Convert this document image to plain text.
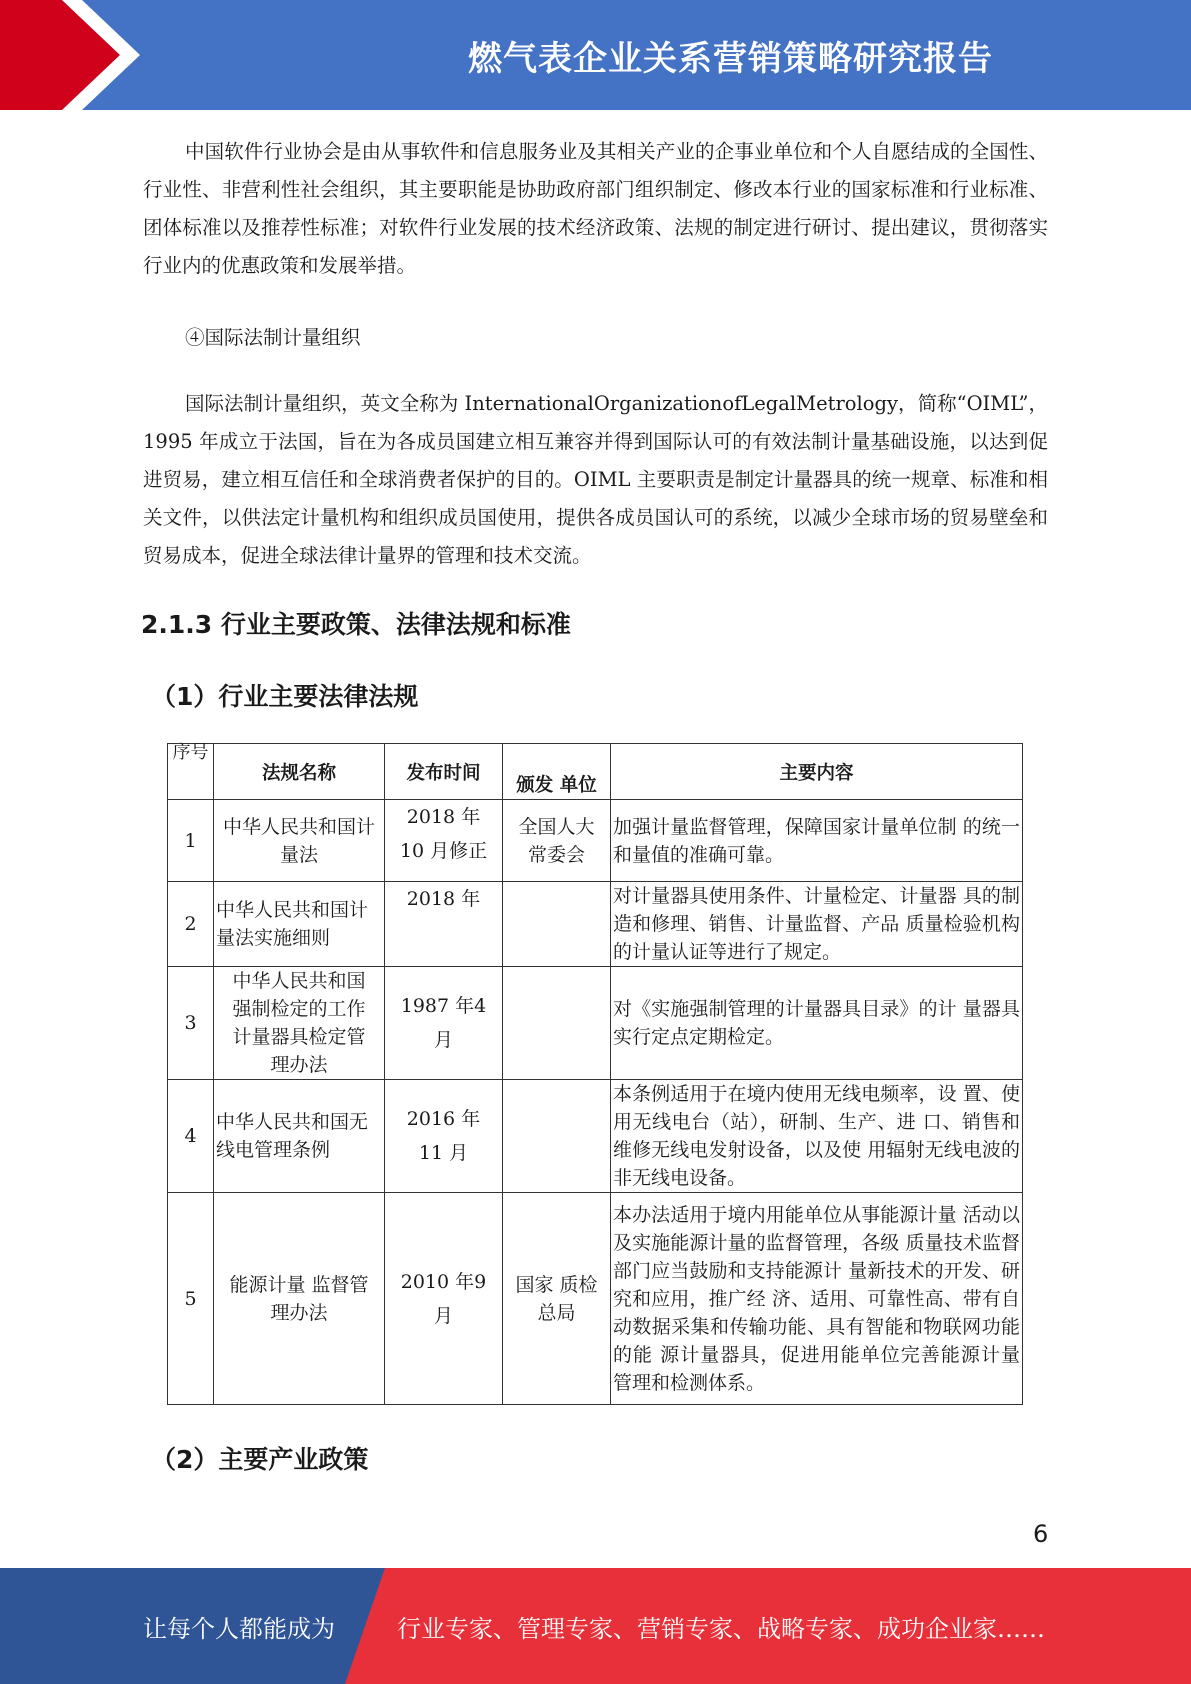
燃气表企业关系营销策略研究报告
中国软件行业协会是由从事软件和信息服务业及其相关产业的企事业单位和个人自愿结成的全国性、行业性、非营利性社会组织，其主要职能是协助政府部门组织制定、修改本行业的国家标准和行业标准、团体标准以及推荐性标准；对软件行业发展的技术经济政策、法规的制定进行研讨、提出建议，贯彻落实行业内的优惠政策和发展举措。
④国际法制计量组织
国际法制计量组织，英文全称为 InternationalOrganizationofLegalMetrology，简称“OIML”，1995 年成立于法国，旨在为各成员国建立相互兼容并得到国际认可的有效法制计量基础设施，以达到促进贸易，建立相互信任和全球消费者保护的目的。OIML 主要职责是制定计量器具的统一规章、标准和相关文件，以供法定计量机构和组织成员国使用，提供各成员国认可的系统，以减少全球市场的贸易壁垒和贸易成本，促进全球法律计量界的管理和技术交流。
2.1.3 行业主要政策、法律法规和标准
（1）行业主要法律法规
序号	法规名称	发布时间	颁发 单位	主要内容
1	中华人民共和国计量法	2018 年10 月修正	全国人大常委会	加强计量监督管理，保障国家计量单位制 的统一和量值的准确可靠。
2	中华人民共和国计量法实施细则	2018 年		对计量器具使用条件、计量检定、计量器 具的制造和修理、销售、计量监督、产品 质量检验机构的计量认证等进行了规定。
3	中华人民共和国强制检定的工作计量器具检定管理办法	1987 年4 月		对《实施强制管理的计量器具目录》的计 量器具实行定点定期检定。
4	中华人民共和国无线电管理条例	2016 年11 月		本条例适用于在境内使用无线电频率，设 置、使用无线电台（站），研制、生产、进 口、销售和维修无线电发射设备，以及使 用辐射无线电波的非无线电设备。
5	能源计量 监督管理办法	2010 年9 月	国家 质检总局	本办法适用于境内用能单位从事能源计量 活动以及实施能源计量的监督管理，各级 质量技术监督部门应当鼓励和支持能源计 量新技术的开发、研究和应用，推广经 济、适用、可靠性高、带有自动数据采集和传输功能、具有智能和物联网功能的能 源计量器具，促进用能单位完善能源计量 管理和检测体系。
（2）主要产业政策
6
让每个人都能成为	行业专家、管理专家、营销专家、战略专家、成功企业家……
